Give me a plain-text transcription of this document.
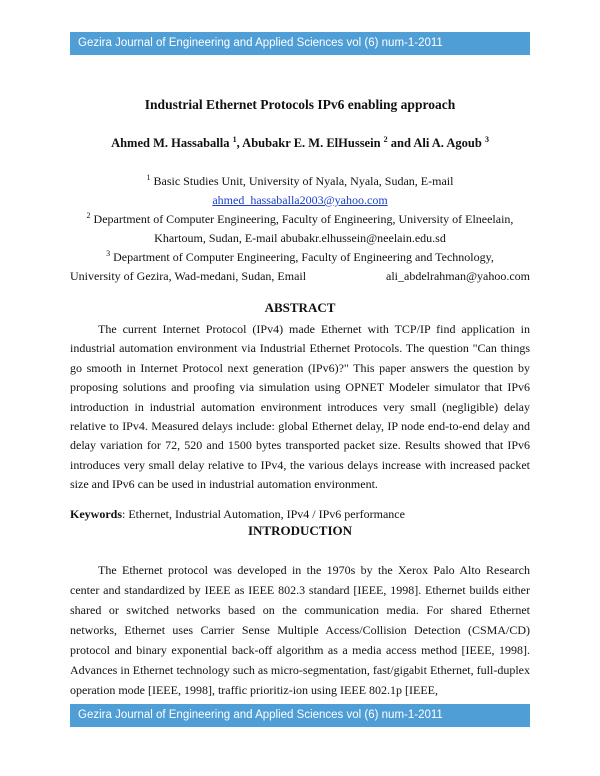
Gezira Journal of Engineering and Applied Sciences vol (6) num-1-2011
Industrial Ethernet Protocols IPv6 enabling approach
Ahmed M. Hassaballa $^1$, Abubakr E. M. ElHussein $^2$ and Ali A. Agoub $^3$
$^1$ Basic Studies Unit, University of Nyala, Nyala, Sudan, E-mail
ahmed_hassaballa2003@yahoo.com
$^2$ Department of Computer Engineering, Faculty of Engineering, University of Elneelain,
Khartoum, Sudan, E-mail abubakr.elhussein@neelain.edu.sd
$^3$ Department of Computer Engineering, Faculty of Engineering and Technology,
University of Gezira, Wad-medani, Sudan, Email	ali_abdelrahman@yahoo.com
ABSTRACT

The current Internet Protocol (IPv4) made Ethernet with TCP/IP find application in industrial automation environment via Industrial Ethernet Protocols. The question "Can things go smooth in Internet Protocol next generation (IPv6)?" This paper answers the question by proposing solutions and proofing via simulation using OPNET Modeler simulator that IPv6 introduction in industrial automation environment introduces very small (negligible) delay relative to IPv4. Measured delays include: global Ethernet delay, IP node end-to-end delay and delay variation for 72, 520 and 1500 bytes transported packet size. Results showed that IPv6 introduces very small delay relative to IPv4, the various delays increase with increased packet size and IPv6 can be used in industrial automation environment.

Keywords: Ethernet, Industrial Automation, IPv4 / IPv6 performance
INTRODUCTION

The Ethernet protocol was developed in the 1970s by the Xerox Palo Alto Research center and standardized by IEEE as IEEE 802.3 standard [IEEE, 1998]. Ethernet builds either shared or switched networks based on the communication media. For shared Ethernet networks, Ethernet uses Carrier Sense Multiple Access/Collision Detection (CSMA/CD) protocol and binary exponential back-off algorithm as a media access method [IEEE, 1998]. Advances in Ethernet technology such as micro-segmentation, fast/gigabit Ethernet, full-duplex operation mode [IEEE, 1998], traffic prioritiz-ion using IEEE 802.1p [IEEE,

Gezira Journal of Engineering and Applied Sciences vol (6) num-1-2011
